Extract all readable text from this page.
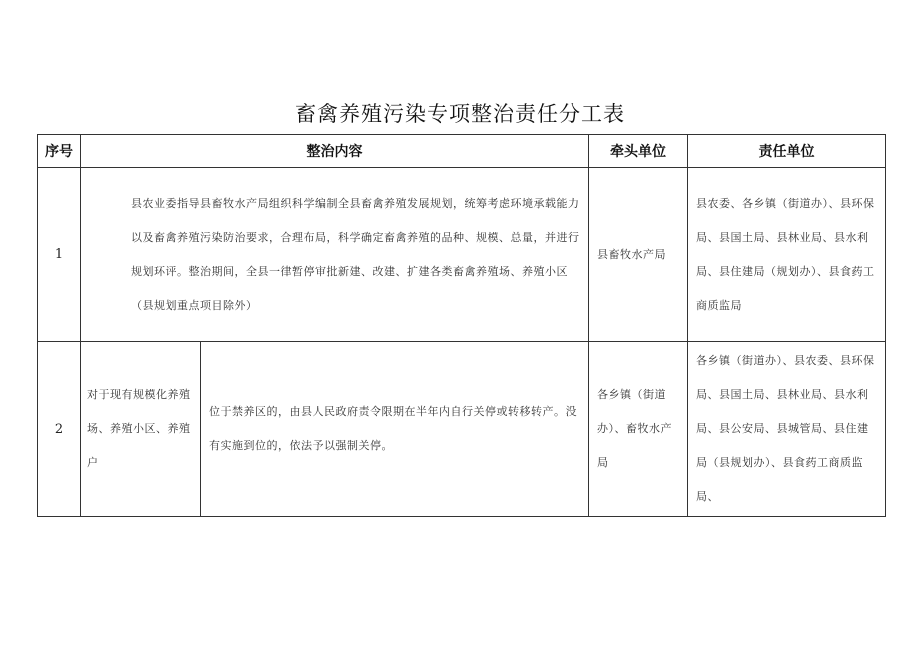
畜禽养殖污染专项整治责任分工表
序号	整治内容		牵头单位	责任单位
1	县农业委指导县畜牧水产局组织科学编制全县畜禽养殖发展规划，统筹考虑环境承载能力以及畜禽养殖污染防治要求，合理布局，科学确定畜禽养殖的品种、规模、总量，并进行规划环评。整治期间，全县一律暂停审批新建、改建、扩建各类畜禽养殖场、养殖小区（县规划重点项目除外）		县畜牧水产局	县农委、各乡镇（街道办）、县环保局、县国土局、县林业局、县水利局、县住建局（规划办）、县食药工商质监局
2	对于现有规模化养殖场、养殖小区、养殖户	位于禁养区的，由县人民政府责令限期在半年内自行关停或转移转产。没有实施到位的，依法予以强制关停。	各乡镇（街道办）、畜牧水产局	各乡镇（街道办）、县农委、县环保局、县国土局、县林业局、县水利局、县公安局、县城管局、县住建局（县规划办）、县食药工商质监局、
